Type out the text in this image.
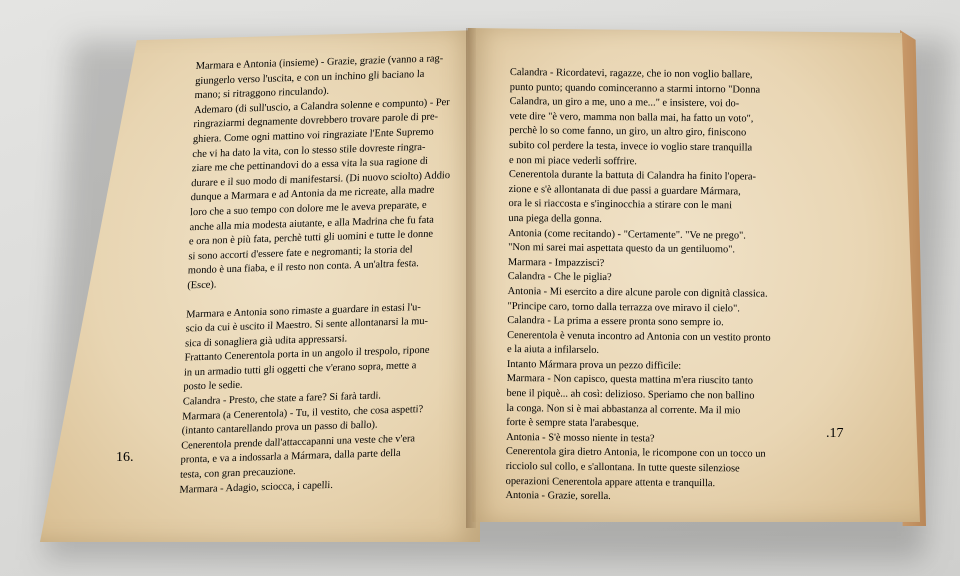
Marmara e Antonia (insieme) - Grazie, grazie (vanno a rag-

giungerlo verso l'uscita, e con un inchino gli baciano la

mano; si ritraggono rinculando).

Ademaro (di sull'uscio, a Calandra solenne e compunto) - Per

ringraziarmi degnamente dovrebbero trovare parole di pre-

ghiera. Come ogni mattino voi ringraziate l'Ente Supremo

che vi ha dato la vita, con lo stesso stile dovreste ringra-

ziare me che pettinandovi do a essa vita la sua ragione di

durare e il suo modo di manifestarsi. (Di nuovo sciolto) Addio

dunque a Marmara e ad Antonia da me ricreate, alla madre

loro che a suo tempo con dolore me le aveva preparate, e

anche alla mia modesta aiutante, e alla Madrina che fu fata

e ora non è più fata, perchè tutti gli uomini e tutte le donne

si sono accorti d'essere fate e negromanti; la storia del

mondo è una fiaba, e il resto non conta. A un'altra festa.

(Esce).

Marmara e Antonia sono rimaste a guardare in estasi l'u-

scio da cui è uscito il Maestro. Si sente allontanarsi la mu-

sica di sonagliera già udita appressarsi.

Frattanto Cenerentola porta in un angolo il trespolo, ripone

in un armadio tutti gli oggetti che v'erano sopra, mette a

posto le sedie.

Calandra - Presto, che state a fare? Si farà tardi.

Marmara (a Cenerentola) - Tu, il vestito, che cosa aspetti?

(intanto cantarellando prova un passo di ballo).

Cenerentola prende dall'attaccapanni una veste che v'era

pronta, e va a indossarla a Mármara, dalla parte della

testa, con gran precauzione.

Marmara - Adagio, sciocca, i capelli.

16.

Calandra - Ricordatevi, ragazze, che io non voglio ballare,

punto punto; quando cominceranno a starmi intorno "Donna

Calandra, un giro a me, uno a me..." e insistere, voi do-

vete dire "è vero, mamma non balla mai, ha fatto un voto",

perchè lo so come fanno, un giro, un altro giro, finiscono

subito col perdere la testa, invece io voglio stare tranquilla

e non mi piace vederli soffrire.

Cenerentola durante la battuta di Calandra ha finito l'opera-

zione e s'è allontanata di due passi a guardare Mármara,

ora le si riaccosta e s'inginocchia a stirare con le mani

una piega della gonna.

Antonia (come recitando) - "Certamente". "Ve ne prego".

"Non mi sarei mai aspettata questo da un gentiluomo".

Marmara - Impazzisci?

Calandra - Che le piglia?

Antonia - Mi esercito a dire alcune parole con dignità classica.

"Principe caro, torno dalla terrazza ove miravo il cielo".

Calandra - La prima a essere pronta sono sempre io.

Cenerentola è venuta incontro ad Antonia con un vestito pronto

e la aiuta a infilarselo.

Intanto Mármara prova un pezzo difficile:

Marmara - Non capisco, questa mattina m'era riuscito tanto

bene il piquè... ah così: delizioso. Speriamo che non ballino

la conga. Non si è mai abbastanza al corrente. Ma il mio

forte è sempre stata l'arabesque.

Antonia - S'è mosso niente in testa?

Cenerentola gira dietro Antonia, le ricompone con un tocco un

ricciolo sul collo, e s'allontana. In tutte queste silenziose

operazioni Cenerentola appare attenta e tranquilla.

Antonia - Grazie, sorella.

.17
